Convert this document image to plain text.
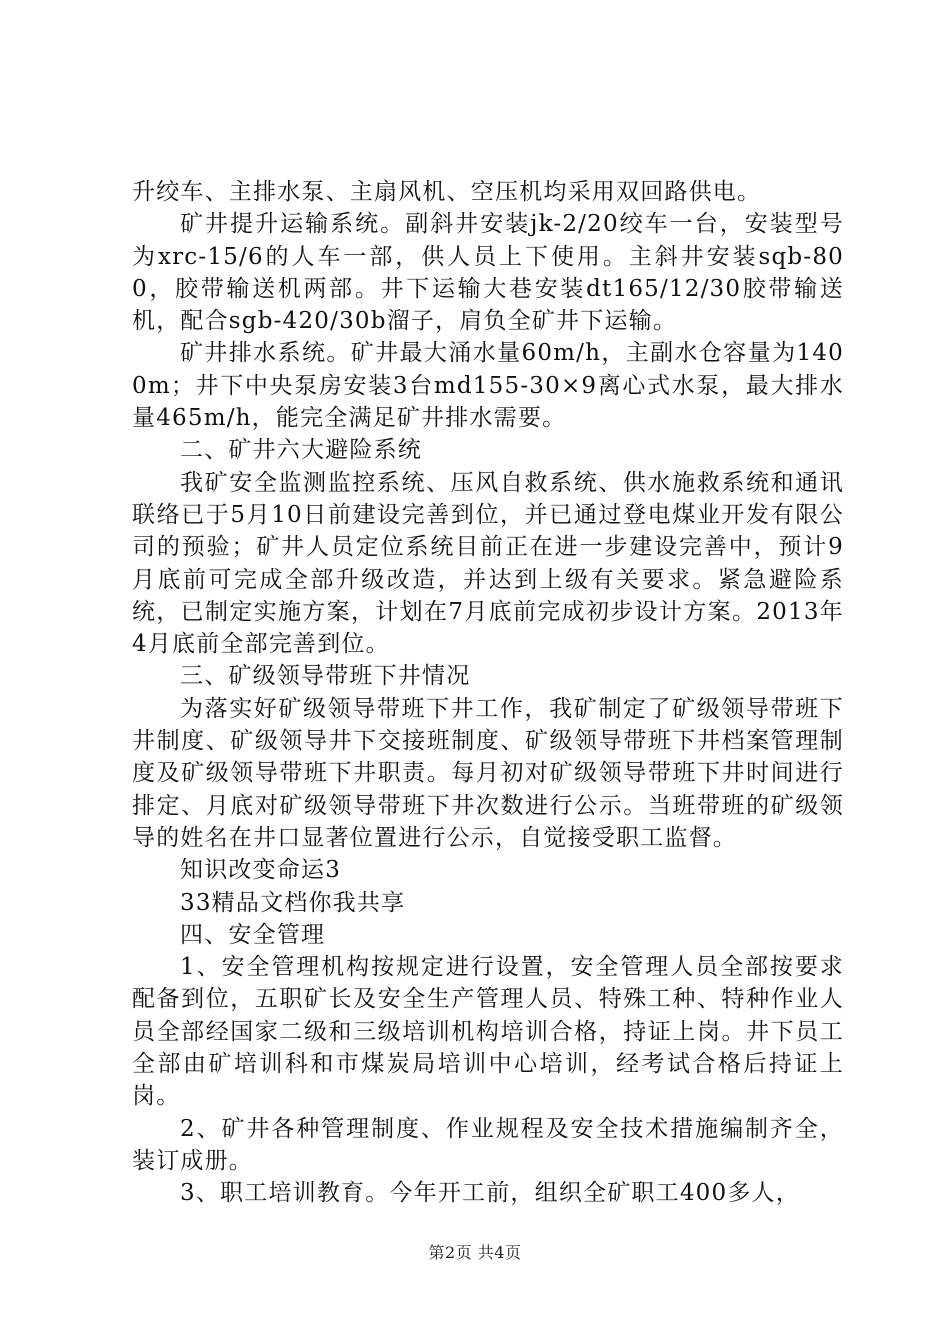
升绞车、主排水泵、主扇风机、空压机均采用双回路供电。

矿井提升运输系统。副斜井安装jk-2/20绞车一台，安装型号为xrc-15/6的人车一部，供人员上下使用。主斜井安装sqb-800，胶带输送机两部。井下运输大巷安装dt165/12/30胶带输送机，配合sgb-420/30b溜子，肩负全矿井下运输。

矿井排水系统。矿井最大涌水量60m/h，主副水仓容量为1400m；井下中央泵房安装3台md155-30×9离心式水泵，最大排水量465m/h，能完全满足矿井排水需要。

二、矿井六大避险系统

我矿安全监测监控系统、压风自救系统、供水施救系统和通讯联络已于5月10日前建设完善到位，并已通过登电煤业开发有限公司的预验；矿井人员定位系统目前正在进一步建设完善中，预计9月底前可完成全部升级改造，并达到上级有关要求。紧急避险系统，已制定实施方案，计划在7月底前完成初步设计方案。2013年4月底前全部完善到位。

三、矿级领导带班下井情况

为落实好矿级领导带班下井工作，我矿制定了矿级领导带班下井制度、矿级领导井下交接班制度、矿级领导带班下井档案管理制度及矿级领导带班下井职责。每月初对矿级领导带班下井时间进行排定、月底对矿级领导带班下井次数进行公示。当班带班的矿级领导的姓名在井口显著位置进行公示，自觉接受职工监督。

知识改变命运3

33精品文档你我共享

四、安全管理

1、安全管理机构按规定进行设置，安全管理人员全部按要求配备到位，五职矿长及安全生产管理人员、特殊工种、特种作业人员全部经国家二级和三级培训机构培训合格，持证上岗。井下员工全部由矿培训科和市煤炭局培训中心培训，经考试合格后持证上岗。

2、矿井各种管理制度、作业规程及安全技术措施编制齐全，装订成册。

3、职工培训教育。今年开工前，组织全矿职工400多人，

第2页 共4页
